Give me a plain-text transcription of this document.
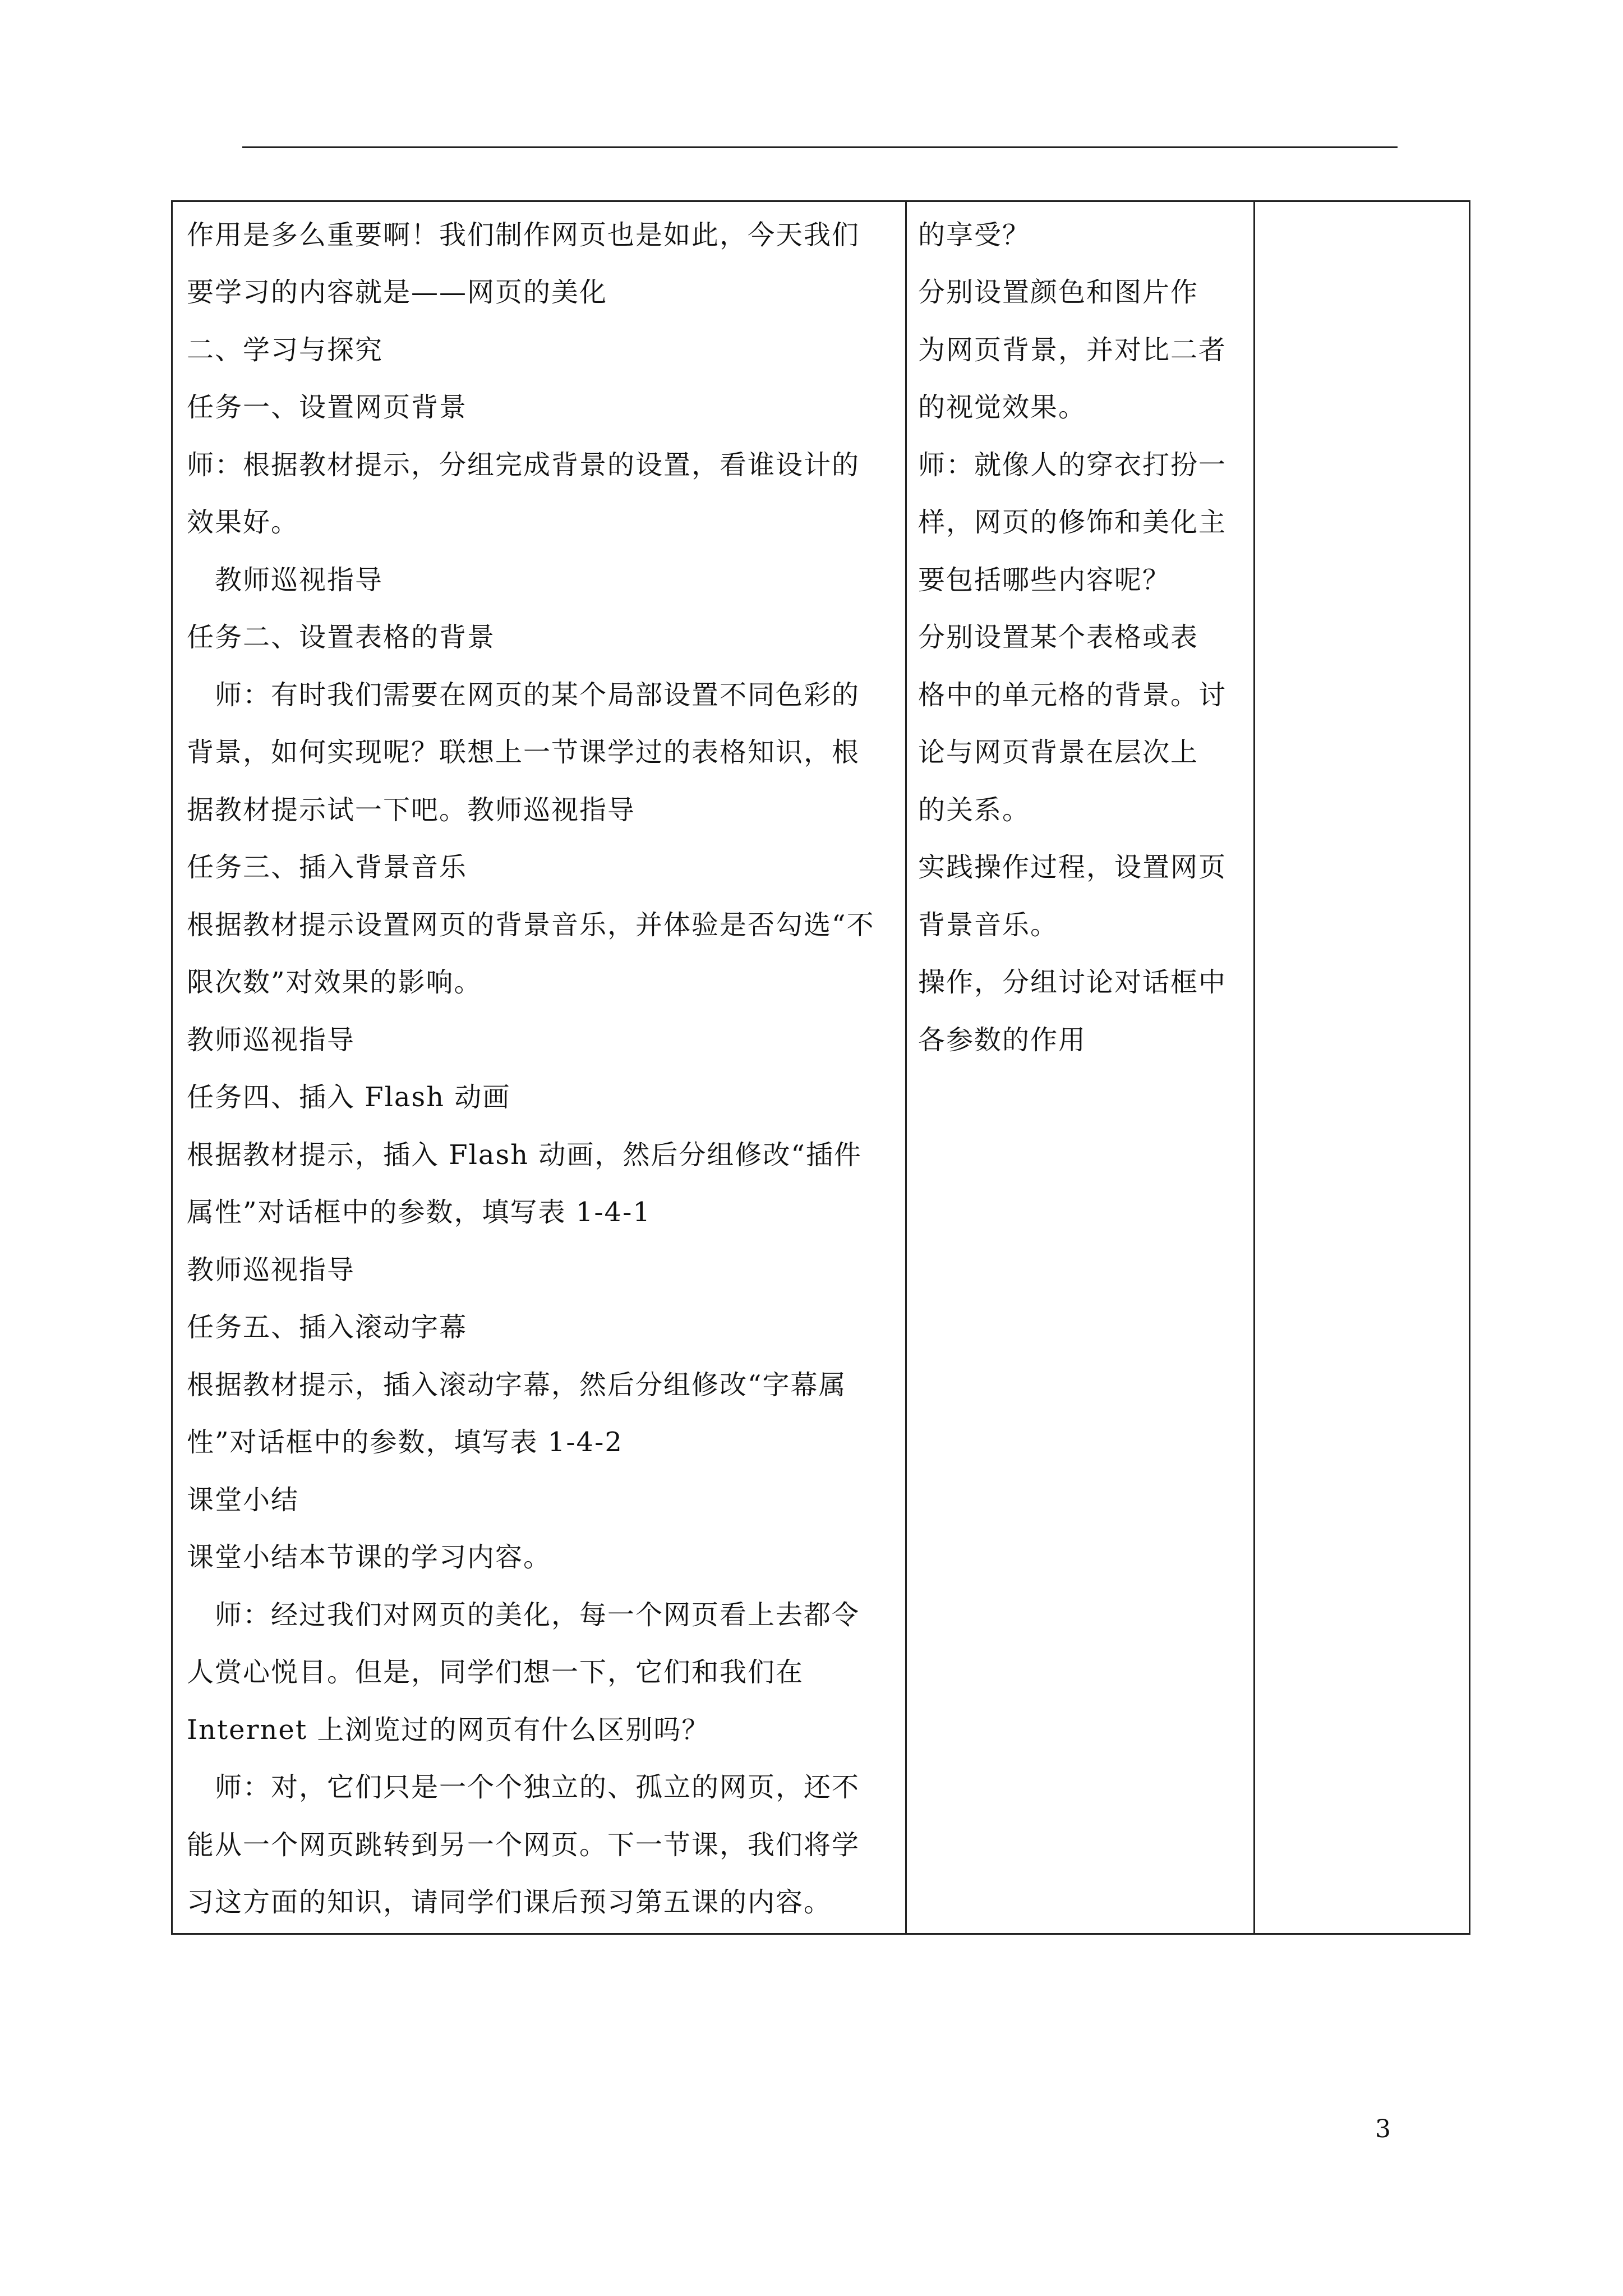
作用是多么重要啊！我们制作网页也是如此，今天我们
要学习的内容就是——网页的美化
二、学习与探究
任务一、设置网页背景
师：根据教材提示，分组完成背景的设置，看谁设计的
效果好。
　教师巡视指导
任务二、设置表格的背景
　师：有时我们需要在网页的某个局部设置不同色彩的
背景，如何实现呢？联想上一节课学过的表格知识，根
据教材提示试一下吧。教师巡视指导
任务三、插入背景音乐
根据教材提示设置网页的背景音乐，并体验是否勾选“不
限次数”对效果的影响。
教师巡视指导
任务四、插入 Flash 动画
根据教材提示，插入 Flash 动画，然后分组修改“插件
属性”对话框中的参数，填写表 1-4-1
教师巡视指导
任务五、插入滚动字幕
根据教材提示，插入滚动字幕，然后分组修改“字幕属
性”对话框中的参数，填写表 1-4-2
课堂小结
课堂小结本节课的学习内容。
　师：经过我们对网页的美化，每一个网页看上去都令
人赏心悦目。但是，同学们想一下，它们和我们在
Internet 上浏览过的网页有什么区别吗？
　师：对，它们只是一个个独立的、孤立的网页，还不
能从一个网页跳转到另一个网页。下一节课，我们将学
习这方面的知识，请同学们课后预习第五课的内容。
的享受？
分别设置颜色和图片作
为网页背景，并对比二者
的视觉效果。
师：就像人的穿衣打扮一
样，网页的修饰和美化主
要包括哪些内容呢？
分别设置某个表格或表
格中的单元格的背景。讨
论与网页背景在层次上
的关系。
实践操作过程，设置网页
背景音乐。
操作，分组讨论对话框中
各参数的作用
3
